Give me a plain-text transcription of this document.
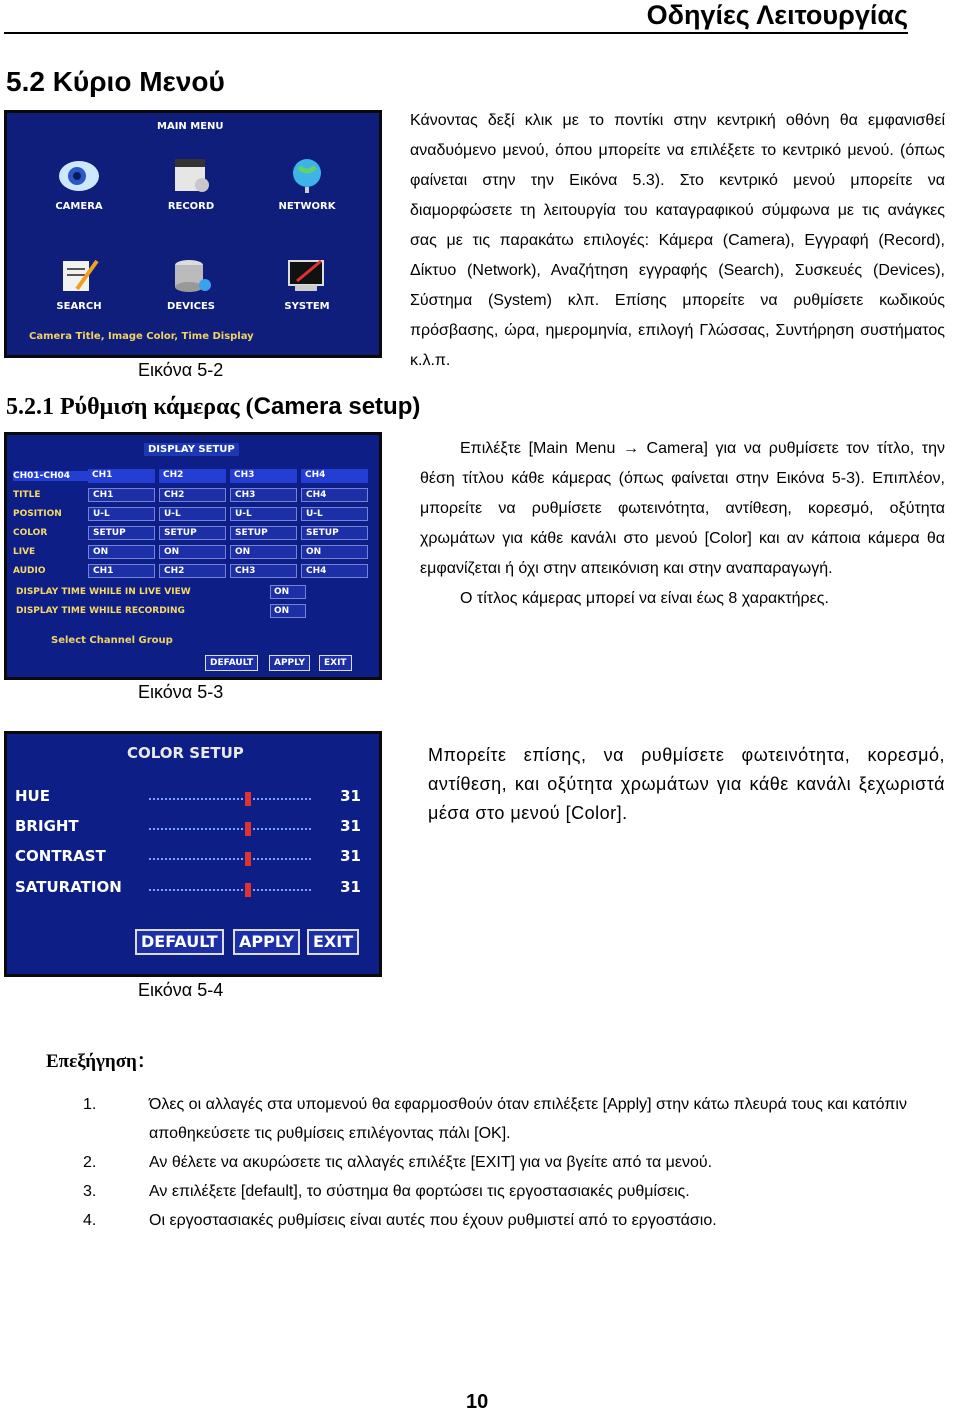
Οδηγίες Λειτουργίας
5.2 Κύριο Μενού
MAIN MENU
CAMERA	RECORD	NETWORK
SEARCH	DEVICES	SYSTEM
Camera Title, Image Color, Time Display
Εικόνα 5-2
Κάνοντας δεξί κλικ με το ποντίκι στην κεντρική οθόνη θα εμφανισθεί αναδυόμενο μενού, όπου μπορείτε να επιλέξετε το κεντρικό μενού. (όπως φαίνεται στην την Εικόνα 5.3). Στο κεντρικό μενού μπορείτε να διαμορφώσετε τη λειτουργία του καταγραφικού σύμφωνα με τις ανάγκες σας με τις παρακάτω επιλογές: Κάμερα (Camera), Εγγραφή (Record), Δίκτυο (Network), Αναζήτηση εγγραφής (Search), Συσκευές (Devices), Σύστημα (System) κλπ. Επίσης μπορείτε να ρυθμίσετε κωδικούς πρόσβασης, ώρα, ημερομηνία, επιλογή Γλώσσας, Συντήρηση συστήματος κ.λ.π.
5.2.1 Ρύθμιση κάμερας (Camera setup)
DISPLAY SETUP
CH01-CH04	CH1	CH2	CH3	CH4
TITLE	CH1	CH2	CH3	CH4
POSITION	U-L	U-L	U-L	U-L
COLOR	SETUP	SETUP	SETUP	SETUP
LIVE	ON	ON	ON	ON
AUDIO	CH1	CH2	CH3	CH4
DISPLAY TIME WHILE IN LIVE VIEW	ON
DISPLAY TIME WHILE RECORDING	ON
Select Channel Group
DEFAULT	APPLY	EXIT
Επιλέξτε [Main Menu → Camera] για να ρυθμίσετε τον τίτλο, την θέση τίτλου κάθε κάμερας (όπως φαίνεται στην Εικόνα 5-3). Επιπλέον, μπορείτε να ρυθμίσετε φωτεινότητα, αντίθεση, κορεσμό, οξύτητα χρωμάτων για κάθε κανάλι στο μενού [Color] και αν κάποια κάμερα θα εμφανίζεται ή όχι στην απεικόνιση και στην αναπαραγωγή.
Ο τίτλος κάμερας μπορεί να είναι έως 8 χαρακτήρες.
Εικόνα 5-3
COLOR SETUP
HUE	31
BRIGHT	31
CONTRAST	31
SATURATION	31
DEFAULT	APPLY	EXIT
Μπορείτε επίσης, να ρυθμίσετε φωτεινότητα, κορεσμό, αντίθεση, και οξύτητα χρωμάτων για κάθε κανάλι ξεχωριστά μέσα στο μενού [Color].
Εικόνα 5-4
Επεξήγηση：
1.	Όλες οι αλλαγές στα υπομενού θα εφαρμοσθούν όταν επιλέξετε [Apply] στην κάτω πλευρά τους και κατόπιν αποθηκεύσετε τις ρυθμίσεις επιλέγοντας πάλι [OK].
2.	Αν θέλετε να ακυρώσετε τις αλλαγές επιλέξτε [EXIT] για να βγείτε από τα μενού.
3.	Αν επιλέξετε [default], το σύστημα θα φορτώσει τις εργοστασιακές ρυθμίσεις.
4.	Οι εργοστασιακές ρυθμίσεις είναι αυτές που έχουν ρυθμιστεί από το εργοστάσιο.
10
